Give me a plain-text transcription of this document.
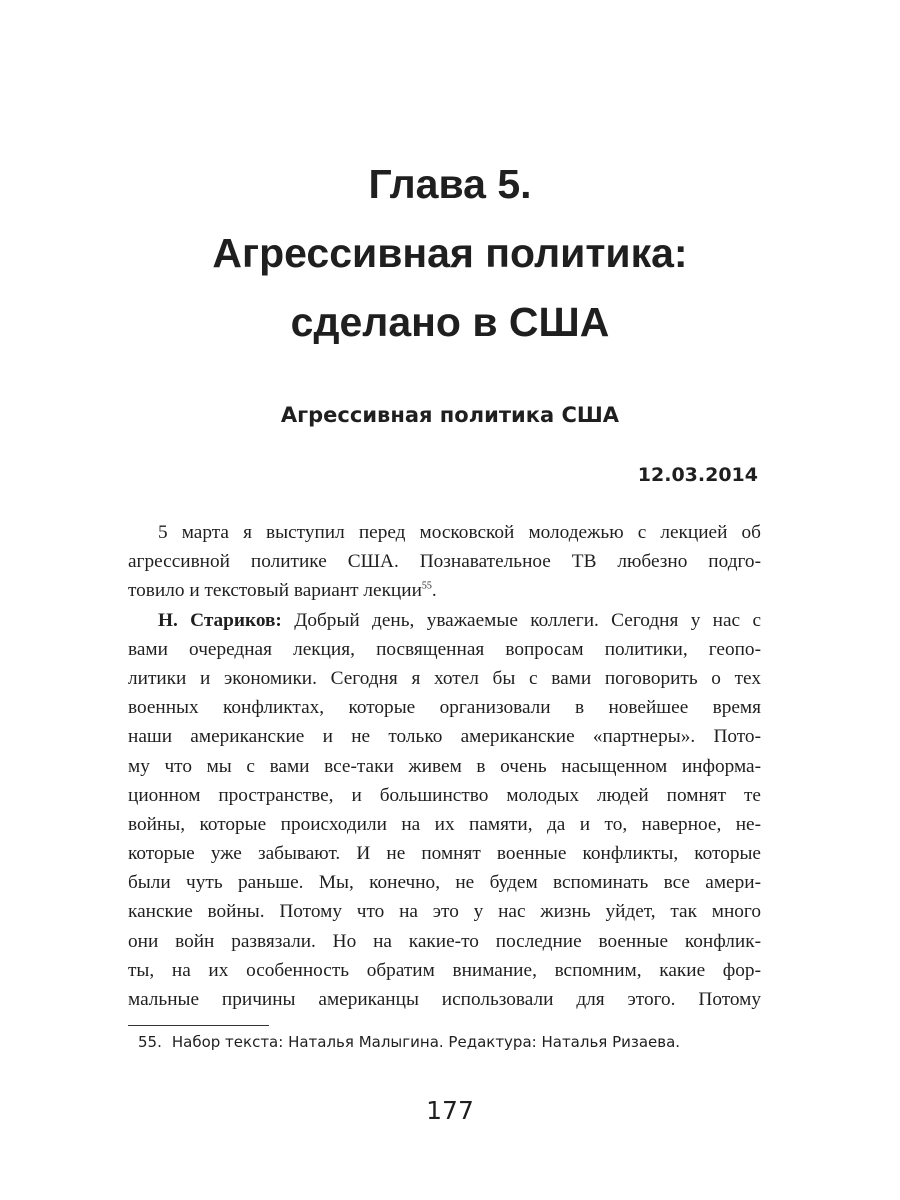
Глава 5.
Агрессивная политика:
сделано в США
Агрессивная политика США
12.03.2014
5 марта я выступил перед московской молодежью с лекцией об
агрессивной политике США. Познавательное ТВ любезно подго-
товило и текстовый вариант лекции$^{55}$.
Н. Стариков: Добрый день, уважаемые коллеги. Сегодня у нас с
вами очередная лекция, посвященная вопросам политики, геопо-
литики и экономики. Сегодня я хотел бы с вами поговорить о тех
военных конфликтах, которые организовали в новейшее время
наши американские и не только американские «партнеры». Пото-
му что мы с вами все-таки живем в очень насыщенном информа-
ционном пространстве, и большинство молодых людей помнят те
войны, которые происходили на их памяти, да и то, наверное, не-
которые уже забывают. И не помнят военные конфликты, которые
были чуть раньше. Мы, конечно, не будем вспоминать все амери-
канские войны. Потому что на это у нас жизнь уйдет, так много
они войн развязали. Но на какие-то последние военные конфлик-
ты, на их особенность обратим внимание, вспомним, какие фор-
мальные причины американцы использовали для этого. Потому
55. Набор текста: Наталья Малыгина. Редактура: Наталья Ризаева.
177
